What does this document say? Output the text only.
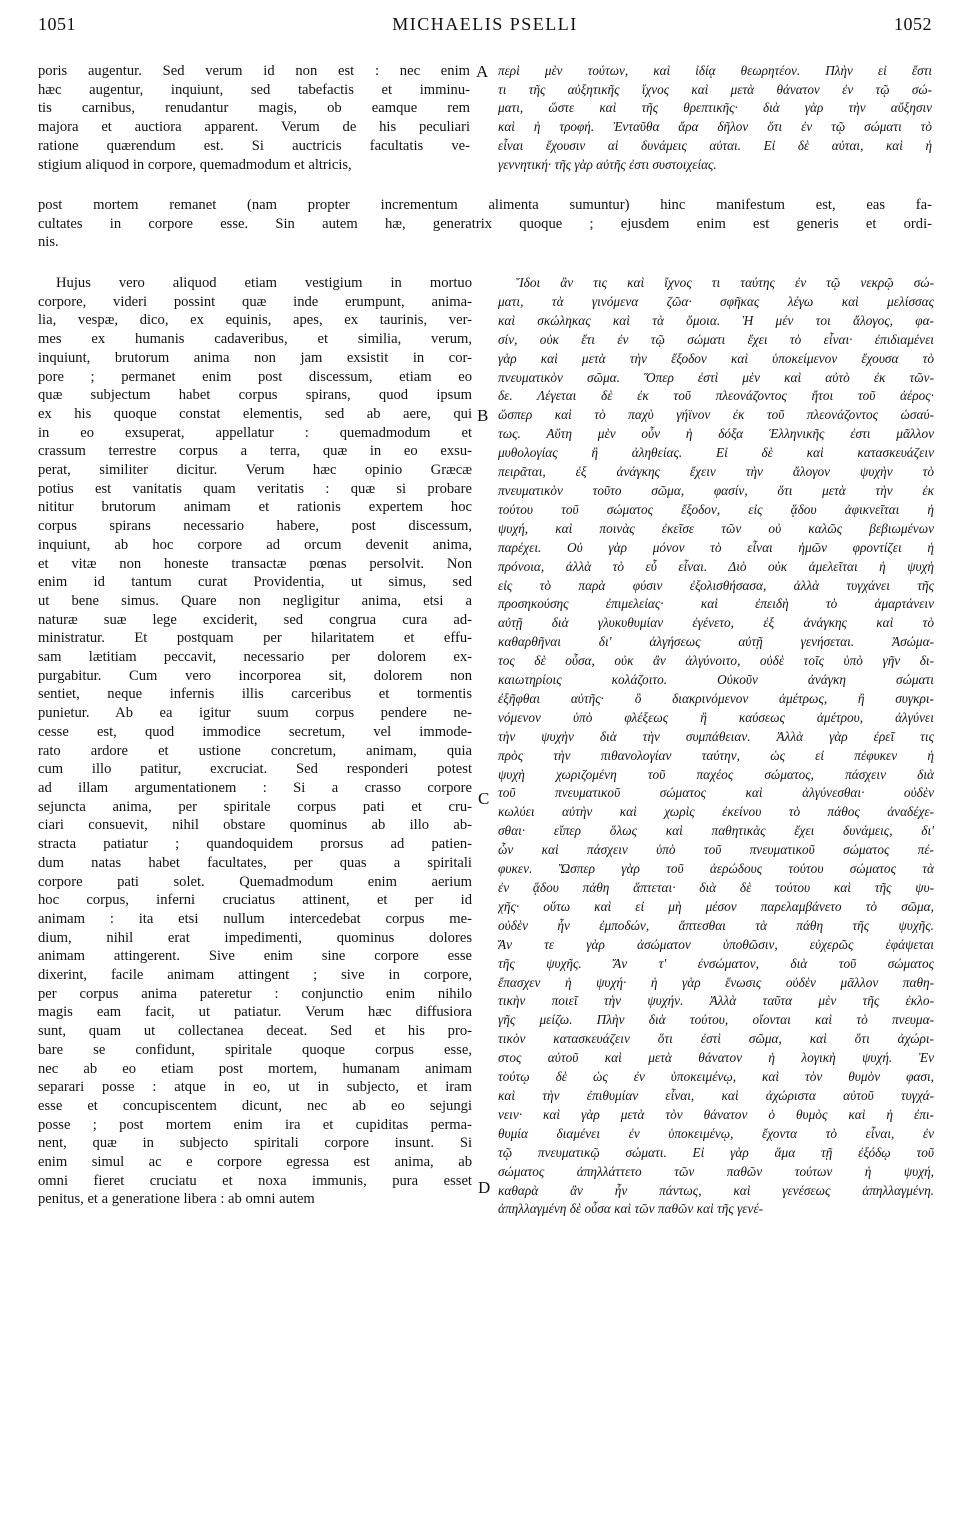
1051	MICHAELIS PSELLI	1052
A
B
C
D
poris augentur. Sed verum id non est : nec enim
hæc augentur, inquiunt, sed tabefactis et imminu-
tis carnibus, renudantur magis, ob eamque rem
majora et auctiora apparent. Verum de his peculiari
ratione quærendum est. Si auctricis facultatis ve-
stigium aliquod in corpore, quemadmodum et altricis,
περὶ μὲν τούτων, καὶ ἰδίᾳ θεωρητέον. Πλὴν εἰ ἔστι
τι τῆς αὐξητικῆς ἴχνος καὶ μετὰ θάνατον ἐν τῷ σώ-
ματι, ὥστε καὶ τῆς θρεπτικῆς· διὰ γὰρ τὴν αὔξησιν
καὶ ἡ τροφή. Ἐνταῦθα ἄρα δῆλον ὅτι ἐν τῷ σώματι τὸ
εἶναι ἔχουσιν αἱ δυνάμεις αὐται. Εἰ δὲ αὐται, καὶ ἡ
γεννητική· τῆς γὰρ αὐτῆς ἐστι συστοιχείας.
post mortem remanet (nam propter incrementum alimenta sumuntur) hinc manifestum est, eas fa-
cultates in corpore esse. Sin autem hæ, generatrix quoque ; ejusdem enim est generis et ordi-
nis.
Hujus vero aliquod etiam vestigium in mortuo
corpore, videri possint quæ inde erumpunt, anima-
lia, vespæ, dico, ex equinis, apes, ex taurinis, ver-
mes ex humanis cadaveribus, et similia, verum,
inquiunt, brutorum anima non jam exsistit in cor-
pore ; permanet enim post discessum, etiam eo
quæ subjectum habet corpus spirans, quod ipsum
ex his quoque constat elementis, sed ab aere, qui
in eo exsuperat, appellatur : quemadmodum et
crassum terrestre corpus a terra, quæ in eo exsu-
perat, similiter dicitur. Verum hæc opinio Græcæ
potius est vanitatis quam veritatis : quæ si probare
nititur brutorum animam et rationis expertem hoc
corpus spirans necessario habere, post discessum,
inquiunt, ab hoc corpore ad orcum devenit anima,
et vitæ non honeste transactæ pœnas persolvit. Non
enim id tantum curat Providentia, ut simus, sed
ut bene simus. Quare non negligitur anima, etsi a
naturæ suæ lege exciderit, sed congrua cura ad-
ministratur. Et postquam per hilaritatem et effu-
sam lætitiam peccavit, necessario per dolorem ex-
purgabitur. Cum vero incorporea sit, dolorem non
sentiet, neque infernis illis carceribus et tormentis
punietur. Ab ea igitur suum corpus pendere ne-
cesse est, quod immodice secretum, vel immode-
rato ardore et ustione concretum, animam, quia
cum illo patitur, excruciat. Sed responderi potest
ad illam argumentationem : Si a crasso corpore
sejuncta anima, per spiritale corpus pati et cru-
ciari consuevit, nihil obstare quominus ab illo ab-
stracta patiatur ; quandoquidem prorsus ad patien-
dum natas habet facultates, per quas a spiritali
corpore pati solet. Quemadmodum enim aerium
hoc corpus, inferni cruciatus attinent, et per id
animam : ita etsi nullum intercedebat corpus me-
dium, nihil erat impedimenti, quominus dolores
animam attingerent. Sive enim sine corpore esse
dixerint, facile animam attingent ; sive in corpore,
per corpus anima pateretur : conjunctio enim nihilo
magis eam facit, ut patiatur. Verum hæc diffusiora
sunt, quam ut collectanea deceat. Sed et his pro-
bare se confidunt, spiritale quoque corpus esse,
nec ab eo etiam post mortem, humanam animam
separari posse : atque in eo, ut in subjecto, et iram
esse et concupiscentem dicunt, nec ab eo sejungi
posse ; post mortem enim ira et cupiditas perma-
nent, quæ in subjecto spiritali corpore insunt. Si
enim simul ac e corpore egressa est anima, ab
omni fieret cruciatu et noxa immunis, pura esset
penitus, et a generatione libera : ab omni autem
Ἴδοι ἂν τις καὶ ἴχνος τι ταύτης ἐν τῷ νεκρῷ σώ-
ματι, τὰ γινόμενα ζῶα· σφῆκας λέγω καὶ μελίσσας
καὶ σκώληκας καὶ τὰ ὅμοια. Ἡ μέν τοι ἄλογος, φα-
σίν, οὐκ ἔτι ἐν τῷ σώματι ἔχει τὸ εἶναι· ἐπιδιαμένει
γὰρ καὶ μετὰ τὴν ἔξοδον καὶ ὑποκείμενον ἔχουσα τὸ
πνευματικὸν σῶμα. Ὅπερ ἐστὶ μὲν καὶ αὐτὸ ἐκ τῶν-
δε. Λέγεται δὲ ἐκ τοῦ πλεονάζοντος ἤτοι τοῦ ἀέρος·
ὥσπερ καὶ τὸ παχὺ γήϊνον ἐκ τοῦ πλεονάζοντος ὡσαύ-
τως. Αὕτη μὲν οὖν ἡ δόξα Ἑλληνικῆς ἐστι μᾶλλον
μυθολογίας ἢ ἀληθείας. Εἰ δὲ καὶ κατασκευάζειν
πειρᾶται, ἐξ ἀνάγκης ἔχειν τὴν ἄλογον ψυχὴν τὸ
πνευματικὸν τοῦτο σῶμα, φασίν, ὅτι μετὰ τὴν ἐκ
τούτου τοῦ σώματος ἔξοδον, εἰς ᾅδου ἀφικνεῖται ἡ
ψυχή, καὶ ποινὰς ἐκεῖσε τῶν οὐ καλῶς βεβιωμένων
παρέχει. Οὐ γὰρ μόνον τὸ εἶναι ἡμῶν φροντίζει ἡ
πρόνοια, ἀλλὰ τὸ εὖ εἶναι. Διὸ οὐκ ἀμελεῖται ἡ ψυχὴ
εἰς τὸ παρὰ φύσιν ἐξολισθήσασα, ἀλλὰ τυγχάνει τῆς
προσηκούσης ἐπιμελείας· καὶ ἐπειδὴ τὸ ἁμαρτάνειν
αὐτῇ διὰ γλυκυθυμίαν ἐγένετο, ἐξ ἀνάγκης καὶ τὸ
καθαρθῆναι δι' ἀλγήσεως αὐτῇ γενήσεται. Ἀσώμα-
τος δὲ οὖσα, οὐκ ἂν ἀλγύνοιτο, οὐδὲ τοῖς ὑπὸ γῆν δι-
καιωτηρίοις κολάζοιτο. Οὐκοῦν ἀνάγκη σώματι
ἐξῆφθαι αὐτῆς· ὃ διακρινόμενον ἀμέτρως, ἢ συγκρι-
νόμενον ὑπὸ φλέξεως ἢ καύσεως ἀμέτρου, ἀλγύνει
τὴν ψυχὴν διὰ τὴν συμπάθειαν. Ἀλλὰ γὰρ ἐρεῖ τις
πρὸς τὴν πιθανολογίαν ταύτην, ὡς εἰ πέφυκεν ἡ
ψυχὴ χωριζομένη τοῦ παχέος σώματος, πάσχειν διὰ
τοῦ πνευματικοῦ σώματος καὶ ἀλγύνεσθαι· οὐδὲν
κωλύει αὐτὴν καὶ χωρὶς ἐκείνου τὸ πάθος ἀναδέχε-
σθαι· εἴπερ ὅλως καὶ παθητικὰς ἔχει δυνάμεις, δι'
ὧν καὶ πάσχειν ὑπὸ τοῦ πνευματικοῦ σώματος πέ-
φυκεν. Ὥσπερ γὰρ τοῦ ἀερώδους τούτου σώματος τὰ
ἐν ᾅδου πάθη ἅπτεται· διὰ δὲ τούτου καὶ τῆς ψυ-
χῆς· οὕτω καὶ εἰ μὴ μέσον παρελαμβάνετο τὸ σῶμα,
οὐδὲν ἦν ἐμποδών, ἅπτεσθαι τὰ πάθη τῆς ψυχῆς.
Ἄν τε γὰρ ἀσώματον ὑποθῶσιν, εὐχερῶς ἐφάψεται
τῆς ψυχῆς. Ἄν τ' ἐνσώματον, διὰ τοῦ σώματος
ἔπασχεν ἡ ψυχή· ἡ γὰρ ἕνωσις οὐδὲν μᾶλλον παθη-
τικὴν ποιεῖ τὴν ψυχήν. Ἀλλὰ ταῦτα μὲν τῆς ἐκλο-
γῆς μείζω. Πλὴν διὰ τούτου, οἴονται καὶ τὸ πνευμα-
τικὸν κατασκευάζειν ὅτι ἐστὶ σῶμα, καὶ ὅτι ἀχώρι-
στος αὐτοῦ καὶ μετὰ θάνατον ἡ λογικὴ ψυχή. Ἐν
τούτῳ δὲ ὡς ἐν ὑποκειμένῳ, καὶ τὸν θυμὸν φασι,
καὶ τὴν ἐπιθυμίαν εἶναι, καὶ ἀχώριστα αὐτοῦ τυγχά-
νειν· καὶ γὰρ μετὰ τὸν θάνατον ὁ θυμὸς καὶ ἡ ἐπι-
θυμία διαμένει ἐν ὑποκειμένῳ, ἔχοντα τὸ εἶναι, ἐν
τῷ πνευματικῷ σώματι. Εἰ γὰρ ἅμα τῇ ἐξόδῳ τοῦ
σώματος ἀπηλλάττετο τῶν παθῶν τούτων ἡ ψυχή,
καθαρὰ ἂν ἦν πάντως, καὶ γενέσεως ἀπηλλαγμένη.
ἀπηλλαγμένη δὲ οὖσα καὶ τῶν παθῶν καὶ τῆς γενέ-
